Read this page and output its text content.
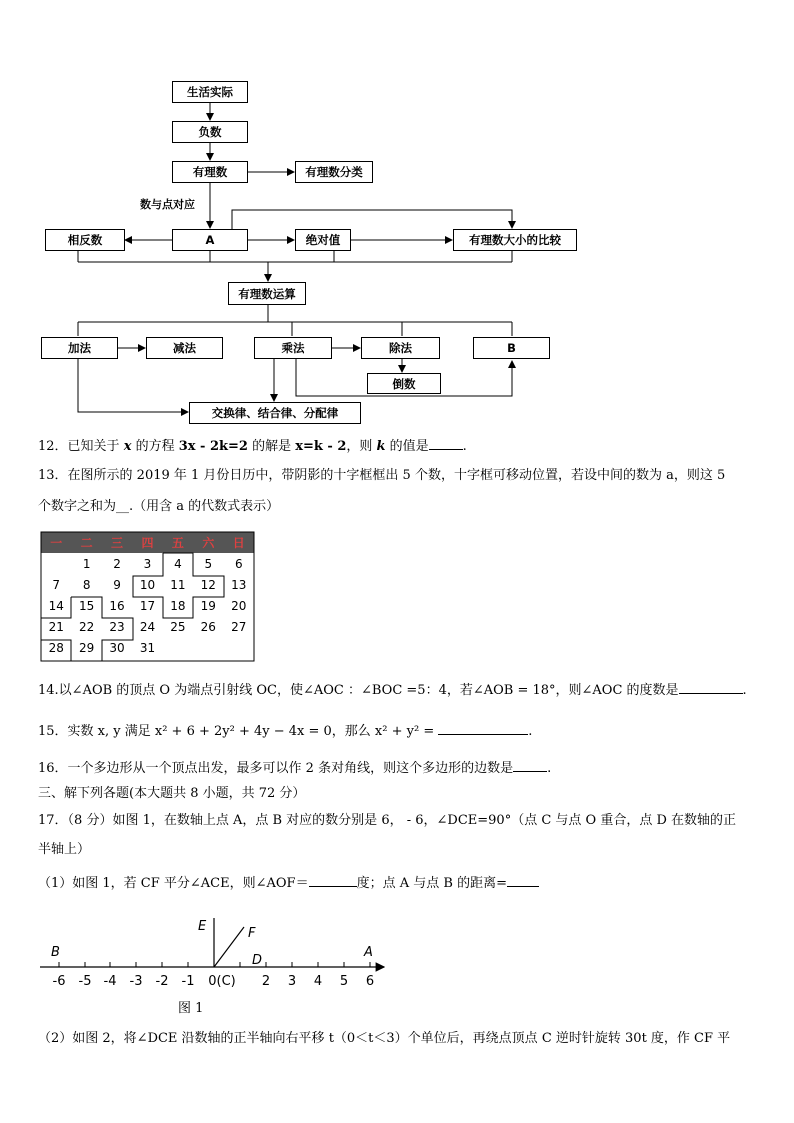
生活实际
负数
有理数	有理数分类
数与点对应
相反数	A	绝对值	有理数大小的比较
有理数运算
加法	减法	乘法	除法	B
倒数
交换律、结合律、分配律
12．已知关于 x 的方程 3x - 2k=2 的解是 x=k - 2，则 k 的值是	.
13．在图所示的 2019 年 1 月份日历中，带阴影的十字框框出 5 个数，十字框可移动位置，若设中间的数为 a，则这 5
个数字之和为__.（用含 a 的代数式表示）
一	二	三	四	五	六	日
	1	2	3	4	5	6
7	8	9	10	11	12	13
14	15	16	17	18	19	20
21	22	23	24	25	26	27
28	29	30	31			
14.以∠AOB 的顶点 O 为端点引射线 OC，使∠AOC ：∠BOC =5：4，若∠AOB = 18°，则∠AOC 的度数是	.
15．实数 x, y 满足 x² + 6 + 2y² + 4y − 4x = 0，那么 x² + y² =	.
16．一个多边形从一个顶点出发，最多可以作 2 条对角线，则这个多边形的边数是	.
三、解下列各题(本大题共 8 小题，共 72 分）
17．（8 分）如图 1，在数轴上点 A，点 B 对应的数分别是 6， - 6，∠DCE=90°（点 C 与点 O 重合，点 D 在数轴的正
半轴上）
（1）如图 1，若 CF 平分∠ACE，则∠AOF＝	度；点 A 与点 B 的距离=
-6 -5 -4 -3 -2 -1 0(C) 2 3 4 5 6
E	F
D
B	A
图 1
（2）如图 2，将∠DCE 沿数轴的正半轴向右平移 t（0＜t＜3）个单位后，再绕点顶点 C 逆时针旋转 30t 度，作 CF 平
